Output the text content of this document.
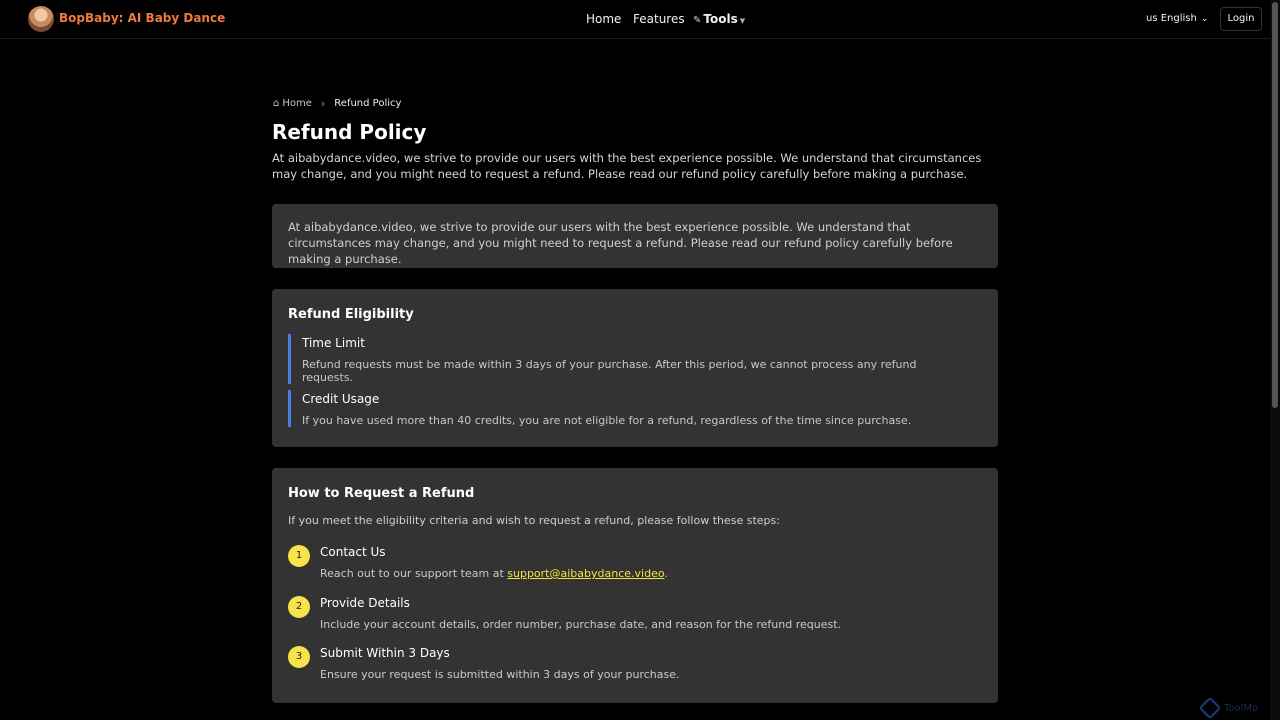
BopBaby: AI Baby Dance	Home Features ✎ Tools ▼	us English ⌄	Login
⌂ Home › Refund Policy
Refund Policy
At aibabydance.video, we strive to provide our users with the best experience possible. We understand that circumstances may change, and you might need to request a refund. Please read our refund policy carefully before making a purchase.
At aibabydance.video, we strive to provide our users with the best experience possible. We understand that circumstances may change, and you might need to request a refund. Please read our refund policy carefully before making a purchase.
Refund Eligibility
Time Limit
Refund requests must be made within 3 days of your purchase. After this period, we cannot process any refund requests.
Credit Usage
If you have used more than 40 credits, you are not eligible for a refund, regardless of the time since purchase.
How to Request a Refund
If you meet the eligibility criteria and wish to request a refund, please follow these steps:
1	Contact Us
Reach out to our support team at support@aibabydance.video.
2	Provide Details
Include your account details, order number, purchase date, and reason for the refund request.
3	Submit Within 3 Days
Ensure your request is submitted within 3 days of your purchase.
ToolMo
